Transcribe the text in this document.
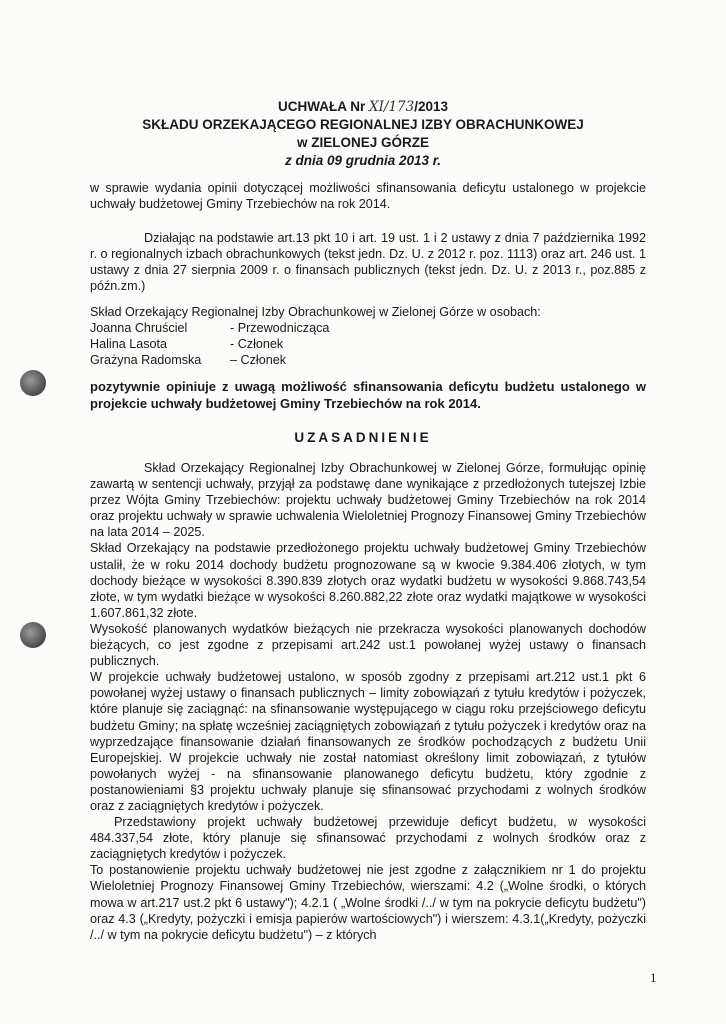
UCHWAŁA Nr XI/173/2013
SKŁADU ORZEKAJĄCEGO REGIONALNEJ IZBY OBRACHUNKOWEJ
w ZIELONEJ GÓRZE
z dnia 09 grudnia 2013 r.

w sprawie wydania opinii dotyczącej możliwości sfinansowania deficytu ustalonego w projekcie uchwały budżetowej Gminy Trzebiechów na rok 2014.

Działając na podstawie art.13 pkt 10 i art. 19 ust. 1 i 2 ustawy z dnia 7 października 1992 r. o regionalnych izbach obrachunkowych (tekst jedn. Dz. U. z 2012 r. poz. 1113) oraz art. 246 ust. 1 ustawy z dnia 27 sierpnia 2009 r. o finansach publicznych (tekst jedn. Dz. U. z 2013 r., poz.885 z późn.zm.)

Skład Orzekający Regionalnej Izby Obrachunkowej w Zielonej Górze w osobach:

Joanna Chruściel	- Przewodnicząca
Halina Lasota	- Członek
Grażyna Radomska	– Członek

pozytywnie opiniuje z uwagą możliwość sfinansowania deficytu budżetu ustalonego w projekcie uchwały budżetowej Gminy Trzebiechów na rok 2014.

UZASADNIENIE

Skład Orzekający Regionalnej Izby Obrachunkowej w Zielonej Górze, formułując opinię zawartą w sentencji uchwały, przyjął za podstawę dane wynikające z przedłożonych tutejszej Izbie przez Wójta Gminy Trzebiechów: projektu uchwały budżetowej Gminy Trzebiechów na rok 2014 oraz projektu uchwały w sprawie uchwalenia Wieloletniej Prognozy Finansowej Gminy Trzebiechów na lata 2014 – 2025.

Skład Orzekający na podstawie przedłożonego projektu uchwały budżetowej Gminy Trzebiechów ustalił, że w roku 2014 dochody budżetu prognozowane są w kwocie 9.384.406 złotych, w tym dochody bieżące w wysokości 8.390.839 złotych oraz wydatki budżetu w wysokości 9.868.743,54 złote, w tym wydatki bieżące w wysokości 8.260.882,22 złote oraz wydatki majątkowe w wysokości 1.607.861,32 złote.

Wysokość planowanych wydatków bieżących nie przekracza wysokości planowanych dochodów bieżących, co jest zgodne z przepisami art.242 ust.1 powołanej wyżej ustawy o finansach publicznych.

W projekcie uchwały budżetowej ustalono, w sposób zgodny z przepisami art.212 ust.1 pkt 6 powołanej wyżej ustawy o finansach publicznych – limity zobowiązań z tytułu kredytów i pożyczek, które planuje się zaciągnąć: na sfinansowanie występującego w ciągu roku przejściowego deficytu budżetu Gminy; na spłatę wcześniej zaciągniętych zobowiązań z tytułu pożyczek i kredytów oraz na wyprzedzające finansowanie działań finansowanych ze środków pochodzących z budżetu Unii Europejskiej. W projekcie uchwały nie został natomiast określony limit zobowiązań, z tytułów powołanych wyżej - na sfinansowanie planowanego deficytu budżetu, który zgodnie z postanowieniami §3 projektu uchwały planuje się sfinansować przychodami z wolnych środków oraz z zaciągniętych kredytów i pożyczek.

Przedstawiony projekt uchwały budżetowej przewiduje deficyt budżetu, w wysokości 484.337,54 złote, który planuje się sfinansować przychodami z wolnych środków oraz z zaciągniętych kredytów i pożyczek.

To postanowienie projektu uchwały budżetowej nie jest zgodne z załącznikiem nr 1 do projektu Wieloletniej Prognozy Finansowej Gminy Trzebiechów, wierszami: 4.2 („Wolne środki, o których mowa w art.217 ust.2 pkt 6 ustawy"); 4.2.1 ( „Wolne środki /../ w tym na pokrycie deficytu budżetu") oraz 4.3 („Kredyty, pożyczki i emisja papierów wartościowych") i wierszem: 4.3.1(„Kredyty, pożyczki /../ w tym na pokrycie deficytu budżetu") – z których

1
